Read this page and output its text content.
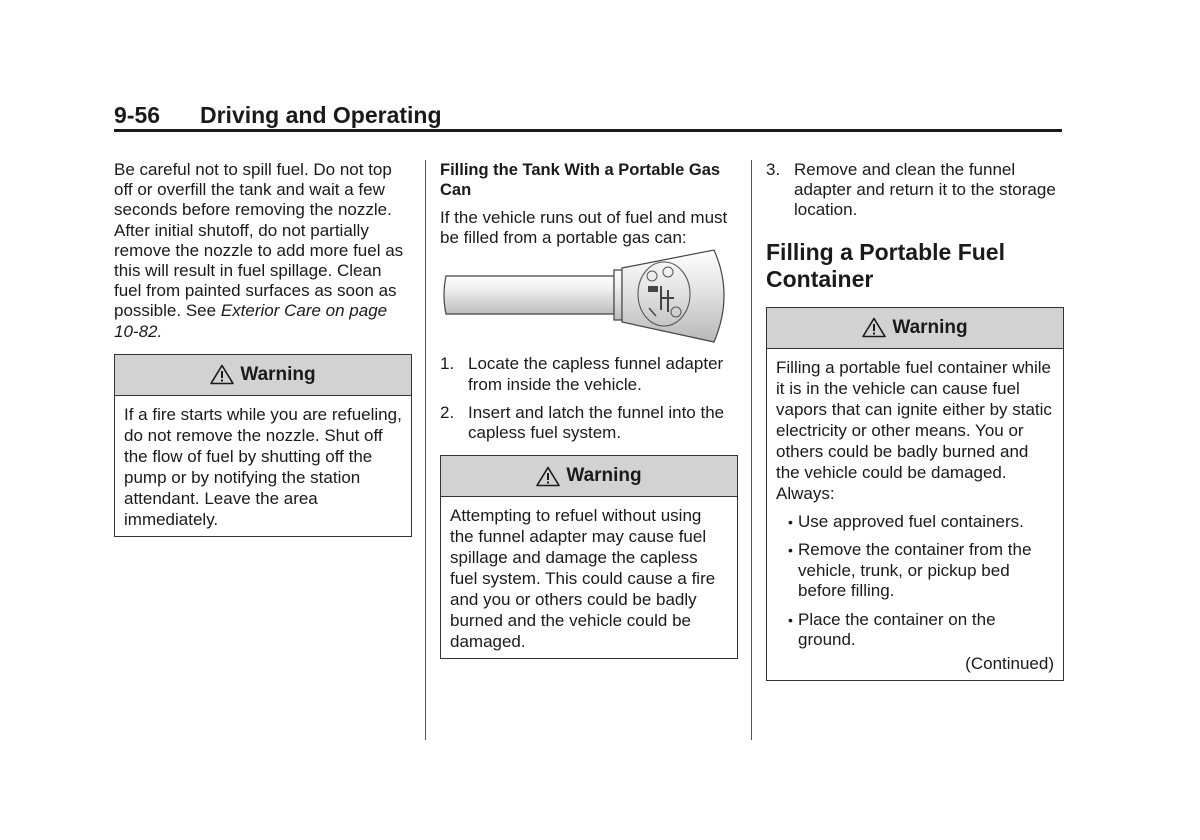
9-56 Driving and Operating

Be careful not to spill fuel. Do not top off or overfill the tank and wait a few seconds before removing the nozzle. After initial shutoff, do not partially remove the nozzle to add more fuel as this will result in fuel spillage. Clean fuel from painted surfaces as soon as possible. See Exterior Care on page 10-82.

Warning
If a fire starts while you are refueling, do not remove the nozzle. Shut off the flow of fuel by shutting off the pump or by notifying the station attendant. Leave the area immediately.

Filling the Tank With a Portable Gas Can

If the vehicle runs out of fuel and must be filled from a portable gas can:

1. Locate the capless funnel adapter from inside the vehicle.
2. Insert and latch the funnel into the capless fuel system.
Warning
Attempting to refuel without using the funnel adapter may cause fuel spillage and damage the capless fuel system. This could cause a fire and you or others could be badly burned and the vehicle could be damaged.
3. Remove and clean the funnel adapter and return it to the storage location.

Filling a Portable Fuel Container

Warning

Filling a portable fuel container while it is in the vehicle can cause fuel vapors that can ignite either by static electricity or other means. You or others could be badly burned and the vehicle could be damaged. Always:

• Use approved fuel containers.
• Remove the container from the vehicle, trunk, or pickup bed before filling.
• Place the container on the ground.

(Continued)
